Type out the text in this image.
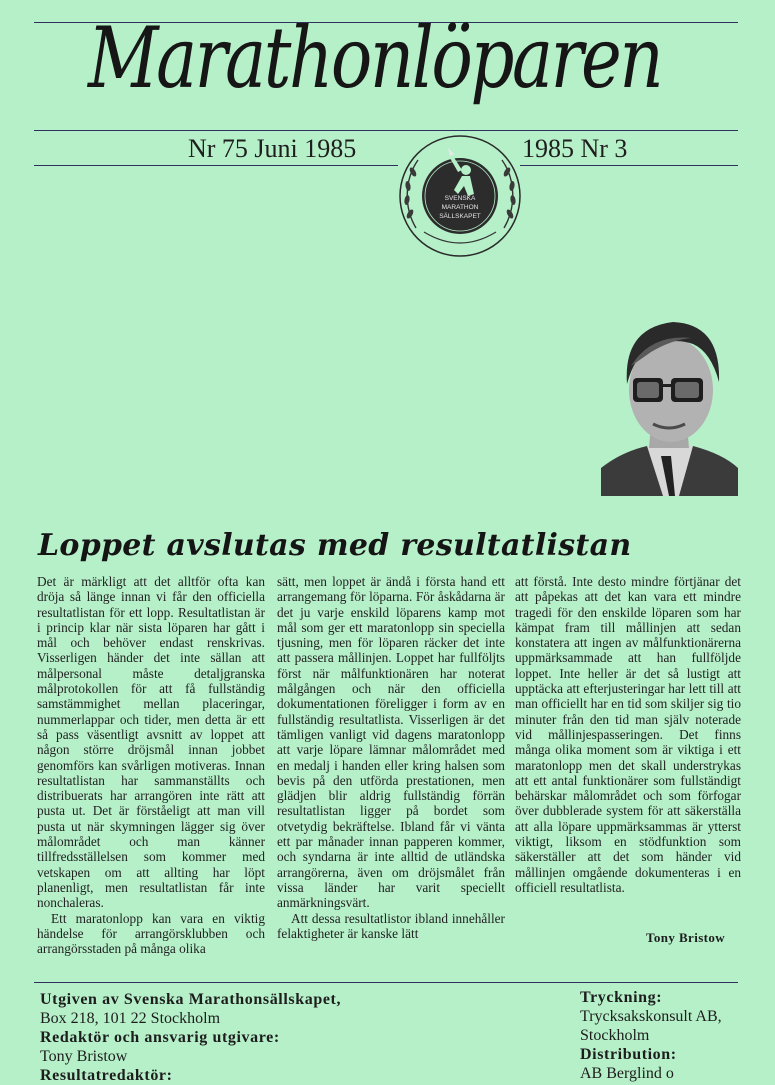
Marathonlöparen
Nr 75 Juni 1985	1985 Nr 3
SVENSKA
MARATHON
SÄLLSKAPET
Loppet avslutas med resultatlistan

Det är märkligt att det alltför ofta kan dröja så länge innan vi får den officiella resultatlistan för ett lopp. Resultatlistan är i princip klar när sista löparen har gått i mål och behöver endast renskrivas. Visserligen händer det inte sällan att målpersonal måste detaljgranska målprotokollen för att få fullständig samstämmighet mellan placeringar, nummerlappar och tider, men detta är ett så pass väsentligt avsnitt av loppet att någon större dröjsmål innan jobbet genomförs kan svårligen motiveras. Innan resultatlistan har sammanställts och distribuerats har arrangören inte rätt att pusta ut. Det är förståeligt att man vill pusta ut när skymningen lägger sig över målområdet och man känner tillfredsställelsen som kommer med vetskapen om att allting har löpt planenligt, men resultatlistan får inte nonchaleras.

Ett maratonlopp kan vara en viktig händelse för arrangörsklubben och arrangörsstaden på många olika

sätt, men loppet är ändå i första hand ett arrangemang för löparna. För åskådarna är det ju varje enskild löparens kamp mot mål som ger ett maratonlopp sin speciella tjusning, men för löparen räcker det inte att passera mållinjen. Loppet har fullföljts först när målfunktionären har noterat målgången och när den officiella dokumentationen föreligger i form av en fullständig resultatlista. Visserligen är det tämligen vanligt vid dagens maratonlopp att varje löpare lämnar målområdet med en medalj i handen eller kring halsen som bevis på den utförda prestationen, men glädjen blir aldrig fullständig förrän resultatlistan ligger på bordet som otvetydig bekräftelse. Ibland får vi vänta ett par månader innan papperen kommer, och syndarna är inte alltid de utländska arrangörerna, även om dröjsmålet från vissa länder har varit speciellt anmärkningsvärt.

Att dessa resultatlistor ibland innehåller felaktigheter är kanske lätt

att förstå. Inte desto mindre förtjänar det att påpekas att det kan vara ett mindre tragedi för den enskilde löparen som har kämpat fram till mållinjen att sedan konstatera att ingen av målfunktionärerna uppmärksammade att han fullföljde loppet. Inte heller är det så lustigt att upptäcka att efterjusteringar har lett till att man officiellt har en tid som skiljer sig tio minuter från den tid man själv noterade vid mållinjespasseringen. Det finns många olika moment som är viktiga i ett maratonlopp men det skall understrykas att ett antal funktionärer som fullständigt behärskar målområdet och som förfogar över dubblerade system för att säkerställa att alla löpare uppmärksammas är ytterst viktigt, liksom en stödfunktion som säkerställer att det som händer vid mållinjen omgående dokumenteras i en officiell resultatlista.

Tony Bristow
Utgiven av Svenska Marathonsällskapet,
Box 218, 101 22 Stockholm
Redaktör och ansvarig utgivare:
Tony Bristow
Resultatredaktör:
Tryckning:
Trycksakskonsult AB,
Stockholm
Distribution:
AB Berglind o
